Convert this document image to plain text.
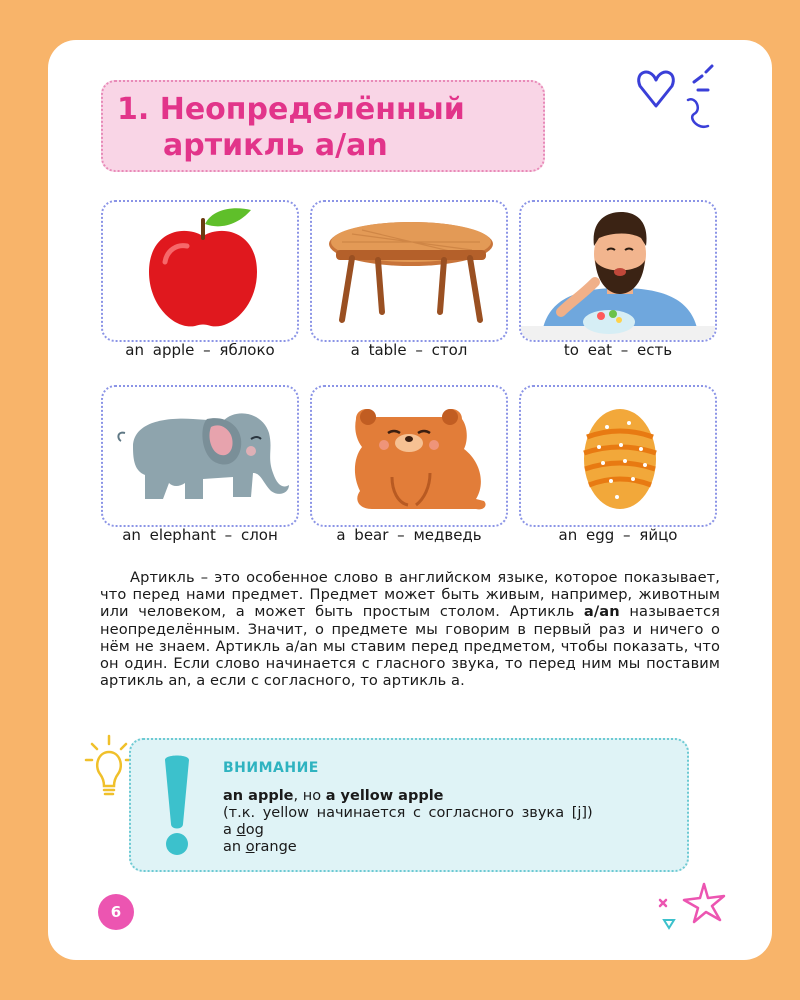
1. Неопределённый
артикль a/an
an apple – яблоко	a table – стол	to eat – есть
an elephant – слон	a bear – медведь	an egg – яйцо

Артикль – это особенное слово в английском языке, которое показывает, что перед нами предмет. Предмет может быть живым, например, животным или человеком, а может быть простым столом. Артикль a/an называется неопределённым. Значит, о предмете мы говорим в первый раз и ничего о нём не знаем. Артикль a/an мы ставим перед предметом, чтобы показать, что он один. Если слово начинается с гласного звука, то перед ним мы поставим артикль an, а если с согласного, то артикль a.

ВНИМАНИЕ
an apple, но a yellow apple
(т.к. yellow начинается с согласного звука [j])
a dog
an orange
6
